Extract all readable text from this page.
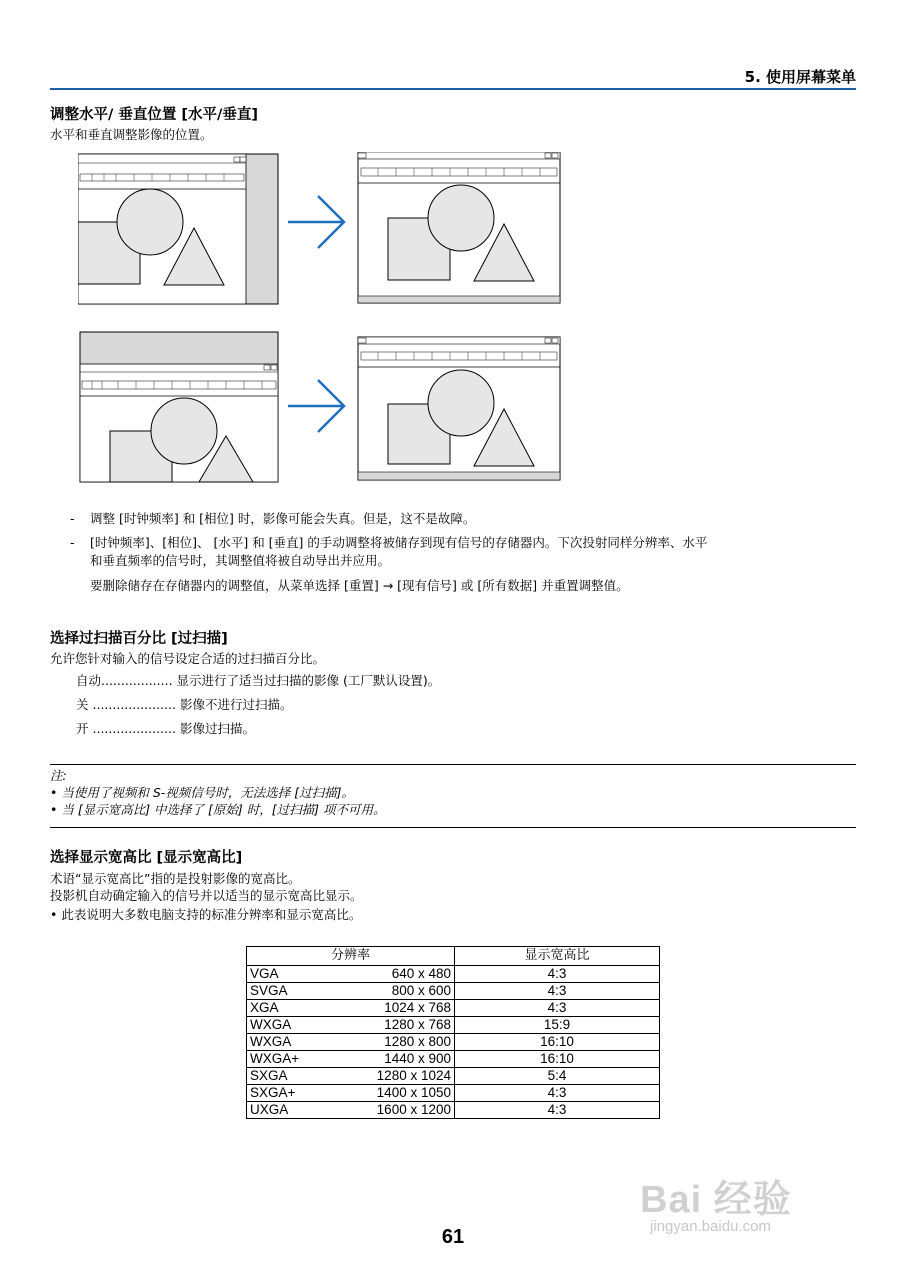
5. 使用屏幕菜单
调整水平/ 垂直位置 [水平/垂直]
水平和垂直调整影像的位置。
- 调整 [时钟频率] 和 [相位] 时，影像可能会失真。但是，这不是故障。
- [时钟频率]、[相位]、 [水平] 和 [垂直] 的手动调整将被储存到现有信号的存储器内。下次投射同样分辨率、水平
和垂直频率的信号时，其调整值将被自动导出并应用。
要删除储存在存储器内的调整值，从菜单选择 [重置] → [现有信号] 或 [所有数据] 并重置调整值。
选择过扫描百分比 [过扫描]
允许您针对输入的信号设定合适的过扫描百分比。
自动.................. 显示进行了适当过扫描的影像 (工厂默认设置)。
关 ..................... 影像不进行过扫描。
开 ..................... 影像过扫描。
注:
• 当使用了视频和 S-视频信号时，无法选择 [过扫描]。
• 当 [显示宽高比] 中选择了 [原始] 时，[过扫描] 项不可用。
选择显示宽高比 [显示宽高比]
术语“显示宽高比”指的是投射影像的宽高比。
投影机自动确定输入的信号并以适当的显示宽高比显示。
• 此表说明大多数电脑支持的标准分辨率和显示宽高比。
分辨率		显示宽高比
VGA	640 x 480	4:3
SVGA	800 x 600	4:3
XGA	1024 x 768	4:3
WXGA	1280 x 768	15:9
WXGA	1280 x 800	16:10
WXGA+	1440 x 900	16:10
SXGA	1280 x 1024	5:4
SXGA+	1400 x 1050	4:3
UXGA	1600 x 1200	4:3
Bai 经验
jingyan.baidu.com
61
